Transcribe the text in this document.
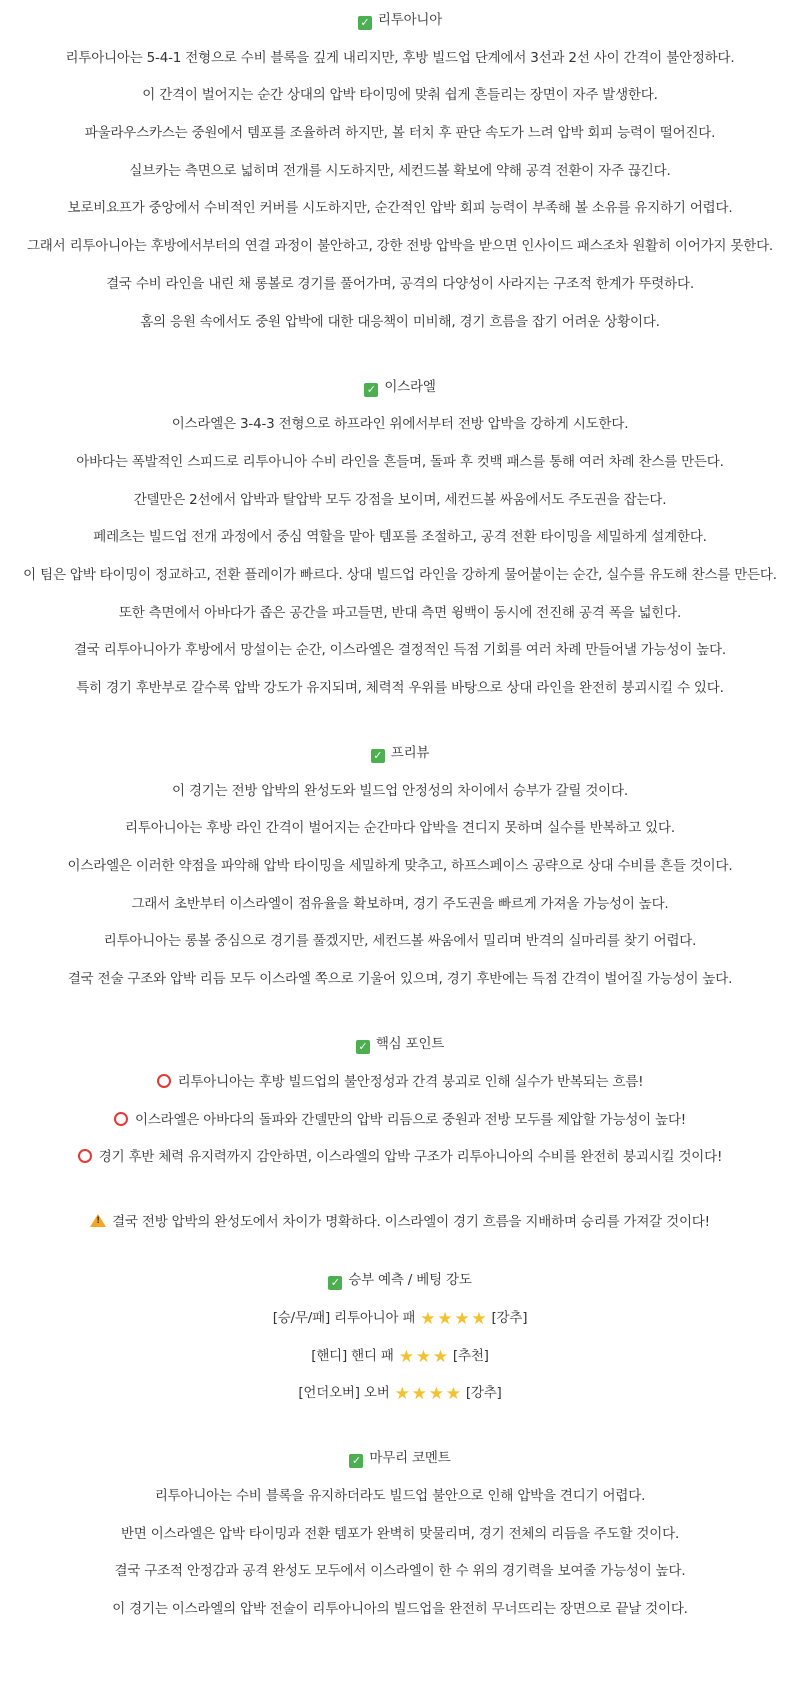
✓ 리투아니아
리투아니아는 5-4-1 전형으로 수비 블록을 깊게 내리지만, 후방 빌드업 단계에서 3선과 2선 사이 간격이 불안정하다.
이 간격이 벌어지는 순간 상대의 압박 타이밍에 맞춰 쉽게 흔들리는 장면이 자주 발생한다.
파울라우스카스는 중원에서 템포를 조율하려 하지만, 볼 터치 후 판단 속도가 느려 압박 회피 능력이 떨어진다.
실브카는 측면으로 넓히며 전개를 시도하지만, 세컨드볼 확보에 약해 공격 전환이 자주 끊긴다.
보로비요프가 중앙에서 수비적인 커버를 시도하지만, 순간적인 압박 회피 능력이 부족해 볼 소유를 유지하기 어렵다.
그래서 리투아니아는 후방에서부터의 연결 과정이 불안하고, 강한 전방 압박을 받으면 인사이드 패스조차 원활히 이어가지 못한다.
결국 수비 라인을 내린 채 롱볼로 경기를 풀어가며, 공격의 다양성이 사라지는 구조적 한계가 뚜렷하다.
홈의 응원 속에서도 중원 압박에 대한 대응책이 미비해, 경기 흐름을 잡기 어려운 상황이다.
✓ 이스라엘
이스라엘은 3-4-3 전형으로 하프라인 위에서부터 전방 압박을 강하게 시도한다.
아바다는 폭발적인 스피드로 리투아니아 수비 라인을 흔들며, 돌파 후 컷백 패스를 통해 여러 차례 찬스를 만든다.
간델만은 2선에서 압박과 탈압박 모두 강점을 보이며, 세컨드볼 싸움에서도 주도권을 잡는다.
페레츠는 빌드업 전개 과정에서 중심 역할을 맡아 템포를 조절하고, 공격 전환 타이밍을 세밀하게 설계한다.
이 팀은 압박 타이밍이 정교하고, 전환 플레이가 빠르다. 상대 빌드업 라인을 강하게 물어붙이는 순간, 실수를 유도해 찬스를 만든다.
또한 측면에서 아바다가 좁은 공간을 파고들면, 반대 측면 윙백이 동시에 전진해 공격 폭을 넓힌다.
결국 리투아니아가 후방에서 망설이는 순간, 이스라엘은 결정적인 득점 기회를 여러 차례 만들어낼 가능성이 높다.
특히 경기 후반부로 갈수록 압박 강도가 유지되며, 체력적 우위를 바탕으로 상대 라인을 완전히 붕괴시킬 수 있다.
✓ 프리뷰
이 경기는 전방 압박의 완성도와 빌드업 안정성의 차이에서 승부가 갈릴 것이다.
리투아니아는 후방 라인 간격이 벌어지는 순간마다 압박을 견디지 못하며 실수를 반복하고 있다.
이스라엘은 이러한 약점을 파악해 압박 타이밍을 세밀하게 맞추고, 하프스페이스 공략으로 상대 수비를 흔들 것이다.
그래서 초반부터 이스라엘이 점유율을 확보하며, 경기 주도권을 빠르게 가져올 가능성이 높다.
리투아니아는 롱볼 중심으로 경기를 풀겠지만, 세컨드볼 싸움에서 밀리며 반격의 실마리를 찾기 어렵다.
결국 전술 구조와 압박 리듬 모두 이스라엘 쪽으로 기울어 있으며, 경기 후반에는 득점 간격이 벌어질 가능성이 높다.
✓ 핵심 포인트
리투아니아는 후방 빌드업의 불안정성과 간격 붕괴로 인해 실수가 반복되는 흐름!
이스라엘은 아바다의 돌파와 간델만의 압박 리듬으로 중원과 전방 모두를 제압할 가능성이 높다!
경기 후반 체력 유지력까지 감안하면, 이스라엘의 압박 구조가 리투아니아의 수비를 완전히 붕괴시킬 것이다!
!결국 전방 압박의 완성도에서 차이가 명확하다. 이스라엘이 경기 흐름을 지배하며 승리를 가져갈 것이다!
✓ 승부 예측 / 베팅 강도
[승/무/패] 리투아니아 패 ★ ★ ★ ★ [강추]
[핸디] 핸디 패 ★ ★ ★ [추천]
[언더오버] 오버 ★ ★ ★ ★ [강추]
✓ 마무리 코멘트
리투아니아는 수비 블록을 유지하더라도 빌드업 불안으로 인해 압박을 견디기 어렵다.
반면 이스라엘은 압박 타이밍과 전환 템포가 완벽히 맞물리며, 경기 전체의 리듬을 주도할 것이다.
결국 구조적 안정감과 공격 완성도 모두에서 이스라엘이 한 수 위의 경기력을 보여줄 가능성이 높다.
이 경기는 이스라엘의 압박 전술이 리투아니아의 빌드업을 완전히 무너뜨리는 장면으로 끝날 것이다.
